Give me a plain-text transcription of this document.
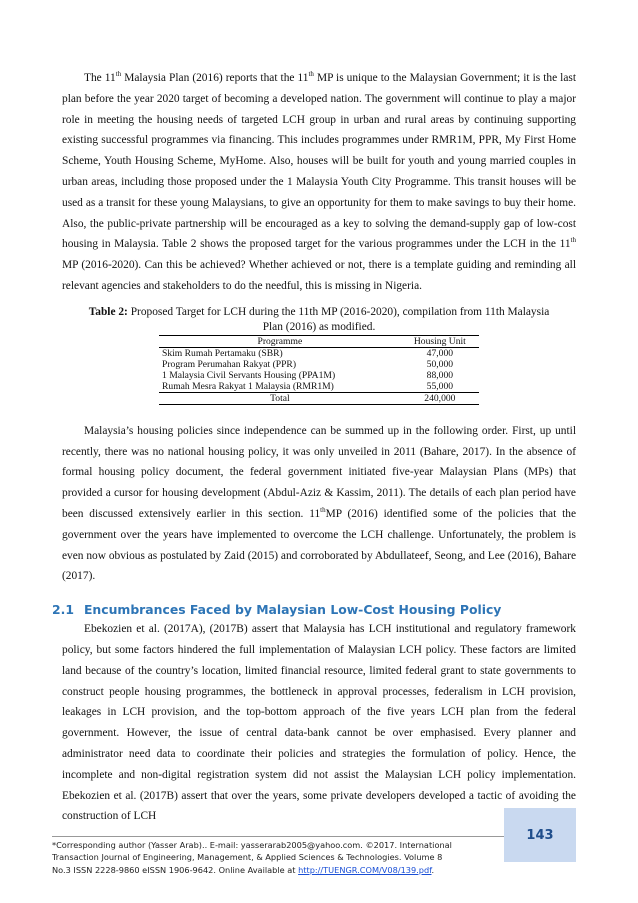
The 11th Malaysia Plan (2016) reports that the 11th MP is unique to the Malaysian Government; it is the last plan before the year 2020 target of becoming a developed nation. The government will continue to play a major role in meeting the housing needs of targeted LCH group in urban and rural areas by continuing supporting existing successful programmes via financing. This includes programmes under RMR1M, PPR, My First Home Scheme, Youth Housing Scheme, MyHome. Also, houses will be built for youth and young married couples in urban areas, including those proposed under the 1 Malaysia Youth City Programme. This transit houses will be used as a transit for these young Malaysians, to give an opportunity for them to make savings to buy their home. Also, the public-private partnership will be encouraged as a key to solving the demand-supply gap of low-cost housing in Malaysia. Table 2 shows the proposed target for the various programmes under the LCH in the 11th MP (2016-2020). Can this be achieved? Whether achieved or not, there is a template guiding and reminding all relevant agencies and stakeholders to do the needful, this is missing in Nigeria.

Table 2: Proposed Target for LCH during the 11th MP (2016-2020), compilation from 11th Malaysia Plan (2016) as modified.
Programme	Housing Unit
Skim Rumah Pertamaku (SBR)	47,000
Program Perumahan Rakyat (PPR)	50,000
1 Malaysia Civil Servants Housing (PPA1M)	88,000
Rumah Mesra Rakyat 1 Malaysia (RMR1M)	55,000
Total	240,000

Malaysia’s housing policies since independence can be summed up in the following order. First, up until recently, there was no national housing policy, it was only unveiled in 2011 (Bahare, 2017). In the absence of formal housing policy document, the federal government initiated five-year Malaysian Plans (MPs) that provided a cursor for housing development (Abdul-Aziz & Kassim, 2011). The details of each plan period have been discussed extensively earlier in this section. 11thMP (2016) identified some of the policies that the government over the years have implemented to overcome the LCH challenge. Unfortunately, the problem is even now obvious as postulated by Zaid (2015) and corroborated by Abdullateef, Seong, and Lee (2016), Bahare (2017).

2.1 Encumbrances Faced by Malaysian Low-Cost Housing Policy

Ebekozien et al. (2017A), (2017B) assert that Malaysia has LCH institutional and regulatory framework policy, but some factors hindered the full implementation of Malaysian LCH policy. These factors are limited land because of the country’s location, limited financial resource, limited federal grant to state governments to construct people housing programmes, the bottleneck in approval processes, federalism in LCH provision, leakages in LCH provision, and the top-bottom approach of the five years LCH plan from the federal government. However, the issue of central data-bank cannot be over emphasised. Every planner and administrator need data to coordinate their policies and strategies the formulation of policy. Hence, the incomplete and non-digital registration system did not assist the Malaysian LCH policy implementation. Ebekozien et al. (2017B) assert that over the years, some private developers developed a tactic of avoiding the construction of LCH

*Corresponding author (Yasser Arab).. E-mail: yasserarab2005@yahoo.com. ©2017. International
Transaction Journal of Engineering, Management, & Applied Sciences & Technologies. Volume 8
No.3 ISSN 2228-9860 eISSN 1906-9642. Online Available at http://TUENGR.COM/V08/139.pdf.
143
